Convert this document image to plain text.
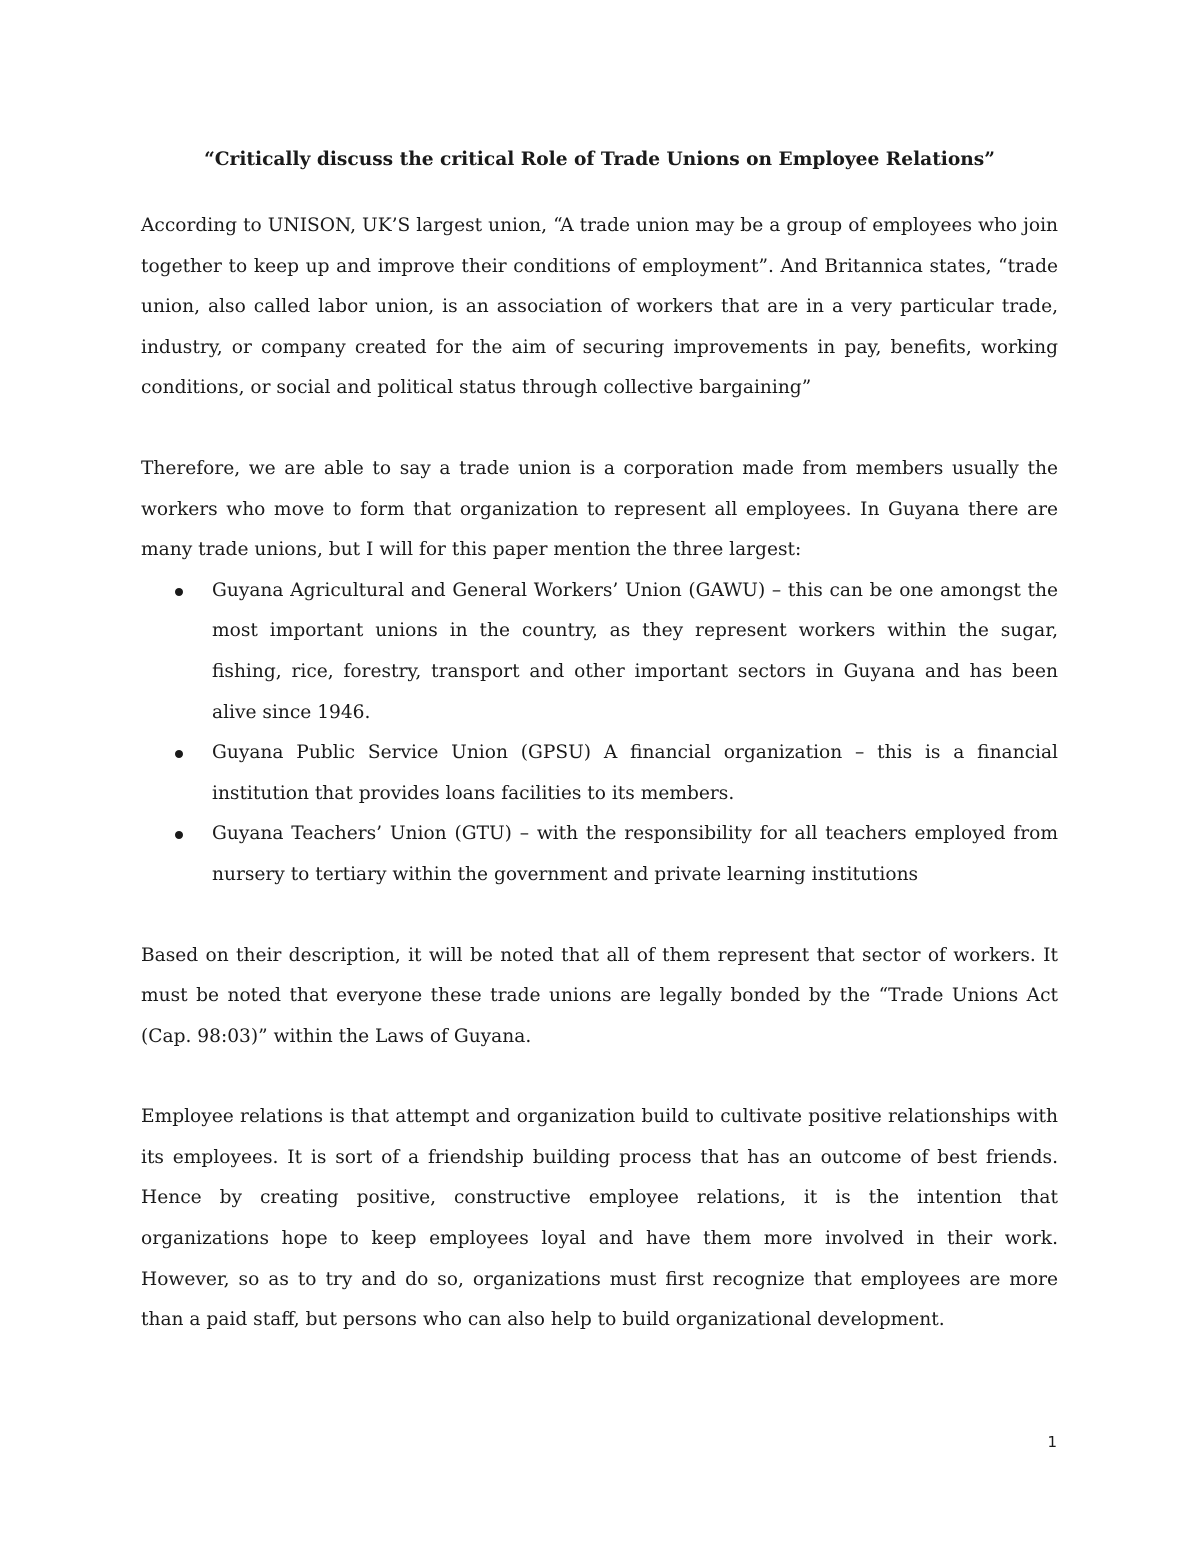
“Critically discuss the critical Role of Trade Unions on Employee Relations”

According to UNISON, UK’S largest union, “A trade union may be a group of employees who join together to keep up and improve their conditions of employment”. And Britannica states, “trade union, also called labor union, is an association of workers that are in a very particular trade, industry, or company created for the aim of securing improvements in pay, benefits, working conditions, or social and political status through collective bargaining”

Therefore, we are able to say a trade union is a corporation made from members usually the workers who move to form that organization to represent all employees. In Guyana there are many trade unions, but I will for this paper mention the three largest:

Guyana Agricultural and General Workers’ Union (GAWU) – this can be one amongst the most important unions in the country, as they represent workers within the sugar, fishing, rice, forestry, transport and other important sectors in Guyana and has been alive since 1946.
Guyana Public Service Union (GPSU) A financial organization – this is a financial institution that provides loans facilities to its members.
Guyana Teachers’ Union (GTU) – with the responsibility for all teachers employed from nursery to tertiary within the government and private learning institutions

Based on their description, it will be noted that all of them represent that sector of workers. It must be noted that everyone these trade unions are legally bonded by the “Trade Unions Act (Cap. 98:03)” within the Laws of Guyana.

Employee relations is that attempt and organization build to cultivate positive relationships with its employees. It is sort of a friendship building process that has an outcome of best friends. Hence by creating positive, constructive employee relations, it is the intention that organizations hope to keep employees loyal and have them more involved in their work. However, so as to try and do so, organizations must first recognize that employees are more than a paid staff, but persons who can also help to build organizational development.

1
